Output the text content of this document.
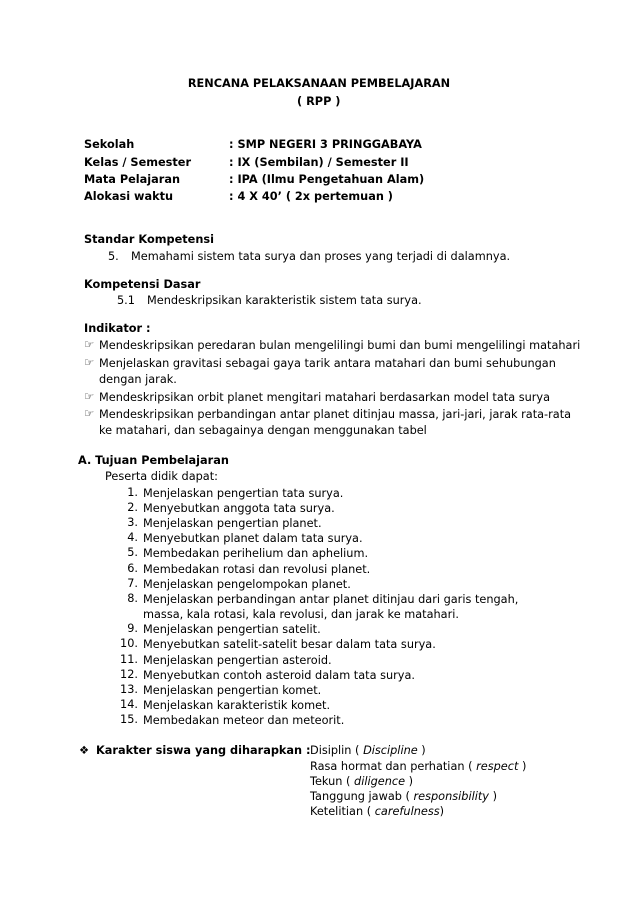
RENCANA PELAKSANAAN PEMBELAJARAN
( RPP )
Sekolah	: SMP NEGERI 3 PRINGGABAYA
Kelas / Semester	: IX (Sembilan) / Semester II
Mata Pelajaran	: IPA (Ilmu Pengetahuan Alam)
Alokasi waktu	: 4 X 40’ ( 2x pertemuan )
Standar Kompetensi
5. Memahami sistem tata surya dan proses yang terjadi di dalamnya.
Kompetensi Dasar
5.1 Mendeskripsikan karakteristik sistem tata surya.
Indikator :
☞ Mendeskripsikan peredaran bulan mengelilingi bumi dan bumi mengelilingi matahari
☞ Menjelaskan gravitasi sebagai gaya tarik antara matahari dan bumi sehubungan dengan jarak.
☞ Mendeskripsikan orbit planet mengitari matahari berdasarkan model tata surya
☞ Mendeskripsikan perbandingan antar planet ditinjau massa, jari-jari, jarak rata-rata ke matahari, dan sebagainya dengan menggunakan tabel
A. Tujuan Pembelajaran
Peserta didik dapat:
1. Menjelaskan pengertian tata surya.
2. Menyebutkan anggota tata surya.
3. Menjelaskan pengertian planet.
4. Menyebutkan planet dalam tata surya.
5. Membedakan perihelium dan aphelium.
6. Membedakan rotasi dan revolusi planet.
7. Menjelaskan pengelompokan planet.
8. Menjelaskan perbandingan antar planet ditinjau dari garis tengah, massa, kala rotasi, kala revolusi, dan jarak ke matahari.
9. Menjelaskan pengertian satelit.
10. Menyebutkan satelit-satelit besar dalam tata surya.
11. Menjelaskan pengertian asteroid.
12. Menyebutkan contoh asteroid dalam tata surya.
13. Menjelaskan pengertian komet.
14. Menjelaskan karakteristik komet.
15. Membedakan meteor dan meteorit.
❖ Karakter siswa yang diharapkan : Disiplin ( Discipline )
Rasa hormat dan perhatian ( respect )
Tekun ( diligence )
Tanggung jawab ( responsibility )
Ketelitian ( carefulness)
